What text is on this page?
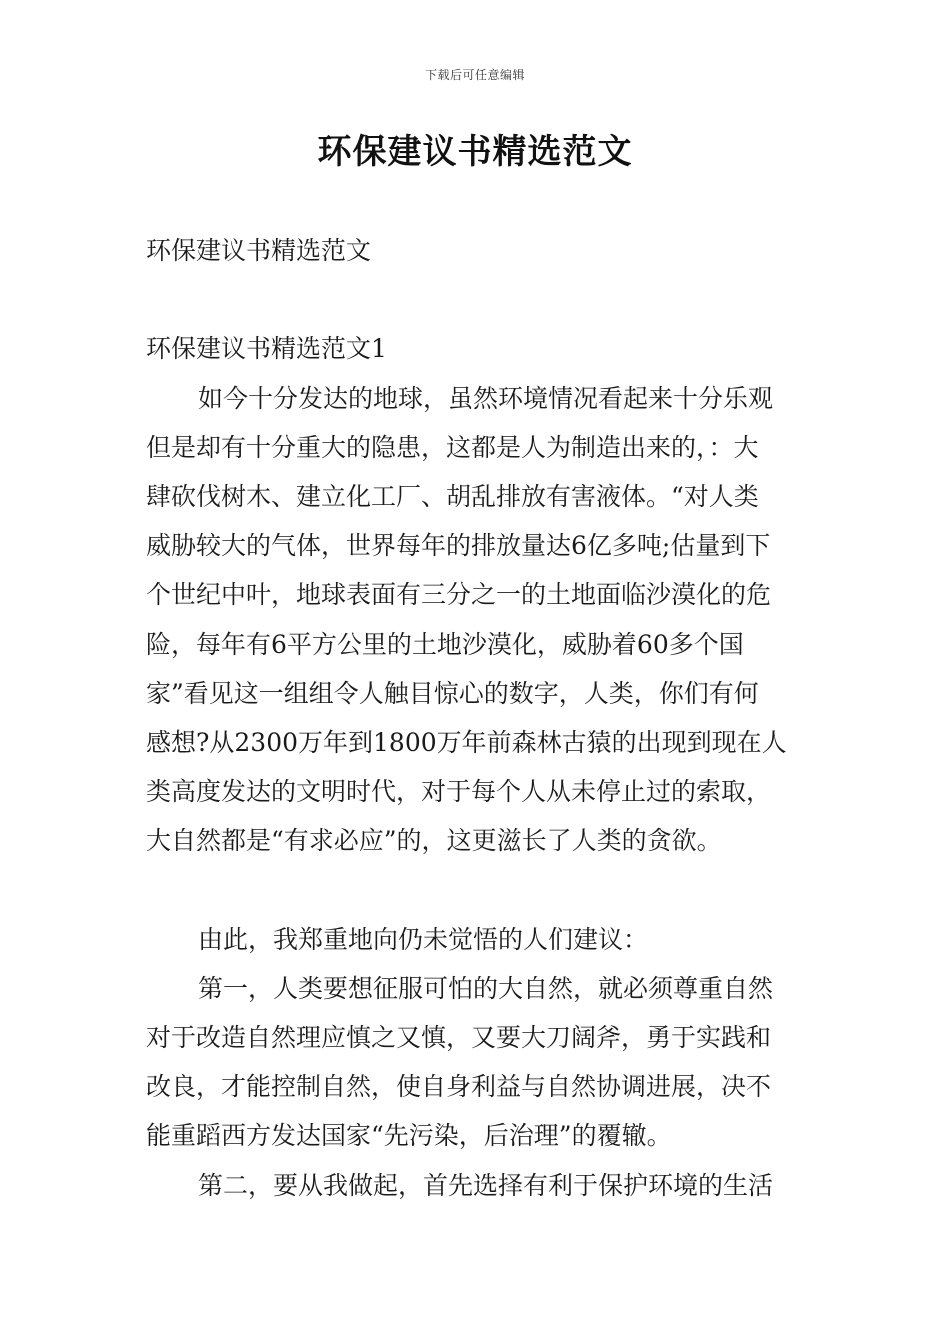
下载后可任意编辑
环保建议书精选范文

环保建议书精选范文

环保建议书精选范文1

如今十分发达的地球，虽然环境情况看起来十分乐观

但是却有十分重大的隐患，这都是人为制造出来的，：大

肆砍伐树木、建立化工厂、胡乱排放有害液体。“对人类

威胁较大的气体，世界每年的排放量达6亿多吨;估量到下

个世纪中叶，地球表面有三分之一的土地面临沙漠化的危

险，每年有6平方公里的土地沙漠化，威胁着60多个国

家”看见这一组组令人触目惊心的数字，人类，你们有何

感想?从2300万年到1800万年前森林古猿的出现到现在人

类高度发达的文明时代，对于每个人从未停止过的索取，

大自然都是“有求必应”的，这更滋长了人类的贪欲。

由此，我郑重地向仍未觉悟的人们建议：

第一，人类要想征服可怕的大自然，就必须尊重自然

对于改造自然理应慎之又慎，又要大刀阔斧，勇于实践和

改良，才能控制自然，使自身利益与自然协调进展，决不

能重蹈西方发达国家“先污染，后治理”的覆辙。

第二，要从我做起，首先选择有利于保护环境的生活
